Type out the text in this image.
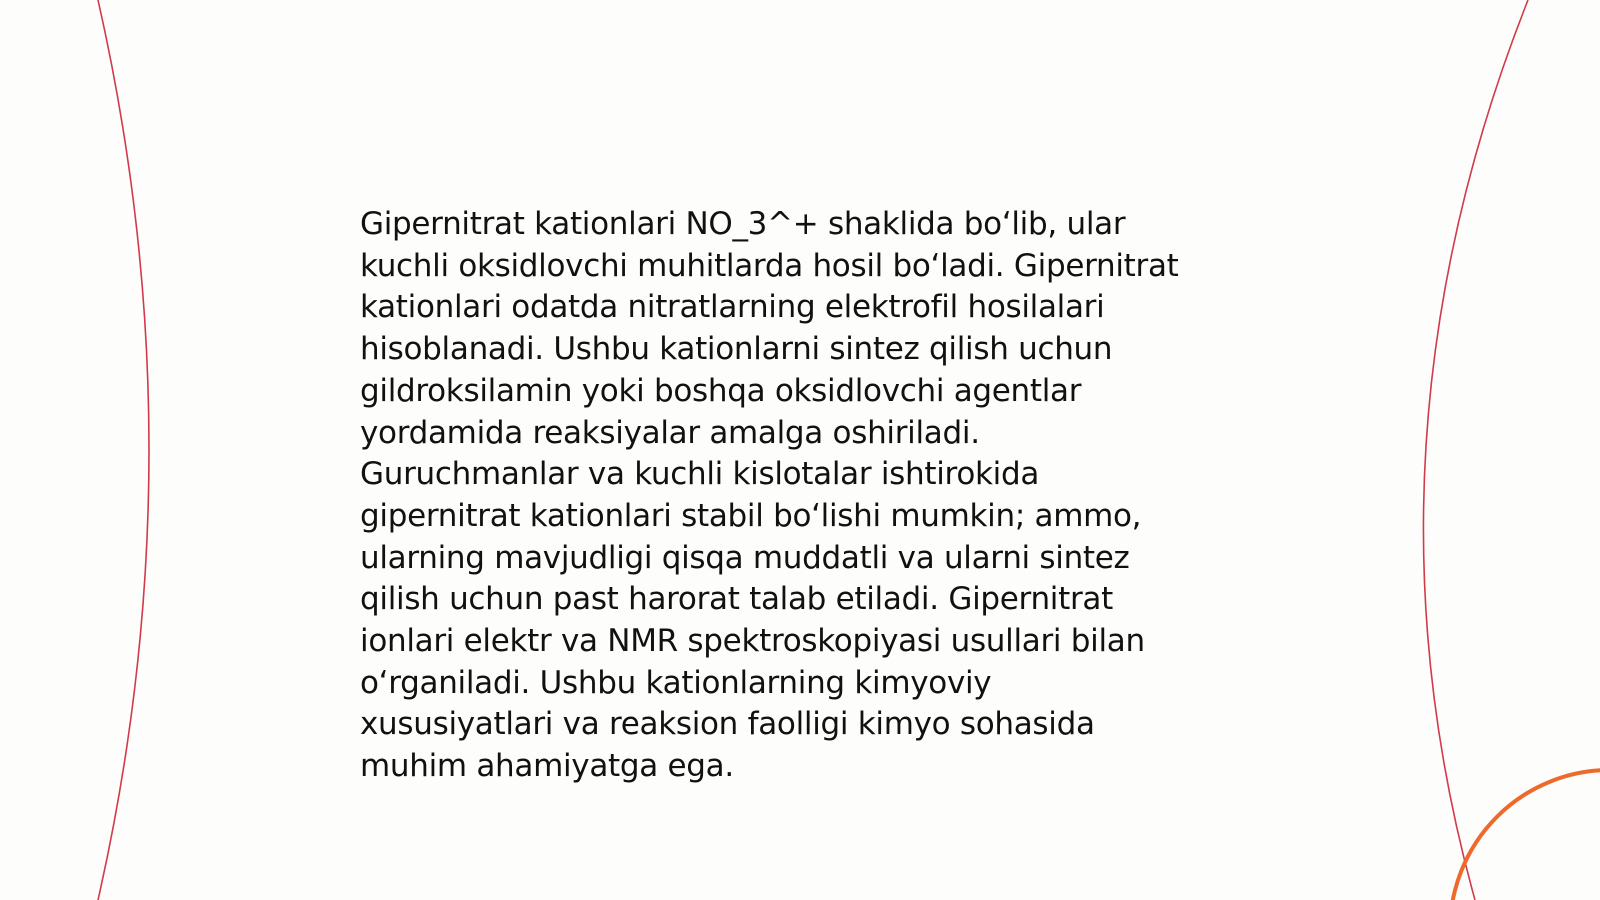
Gipernitrat kationlari NO_3^+ shaklida bo‘lib, ular
kuchli oksidlovchi muhitlarda hosil bo‘ladi. Gipernitrat
kationlari odatda nitratlarning elektrofil hosilalari
hisoblanadi. Ushbu kationlarni sintez qilish uchun
gildroksilamin yoki boshqa oksidlovchi agentlar
yordamida reaksiyalar amalga oshiriladi.
Guruchmanlar va kuchli kislotalar ishtirokida
gipernitrat kationlari stabil bo‘lishi mumkin; ammo,
ularning mavjudligi qisqa muddatli va ularni sintez
qilish uchun past harorat talab etiladi. Gipernitrat
ionlari elektr va NMR spektroskopiyasi usullari bilan
o‘rganiladi. Ushbu kationlarning kimyoviy
xususiyatlari va reaksion faolligi kimyo sohasida
muhim ahamiyatga ega.
